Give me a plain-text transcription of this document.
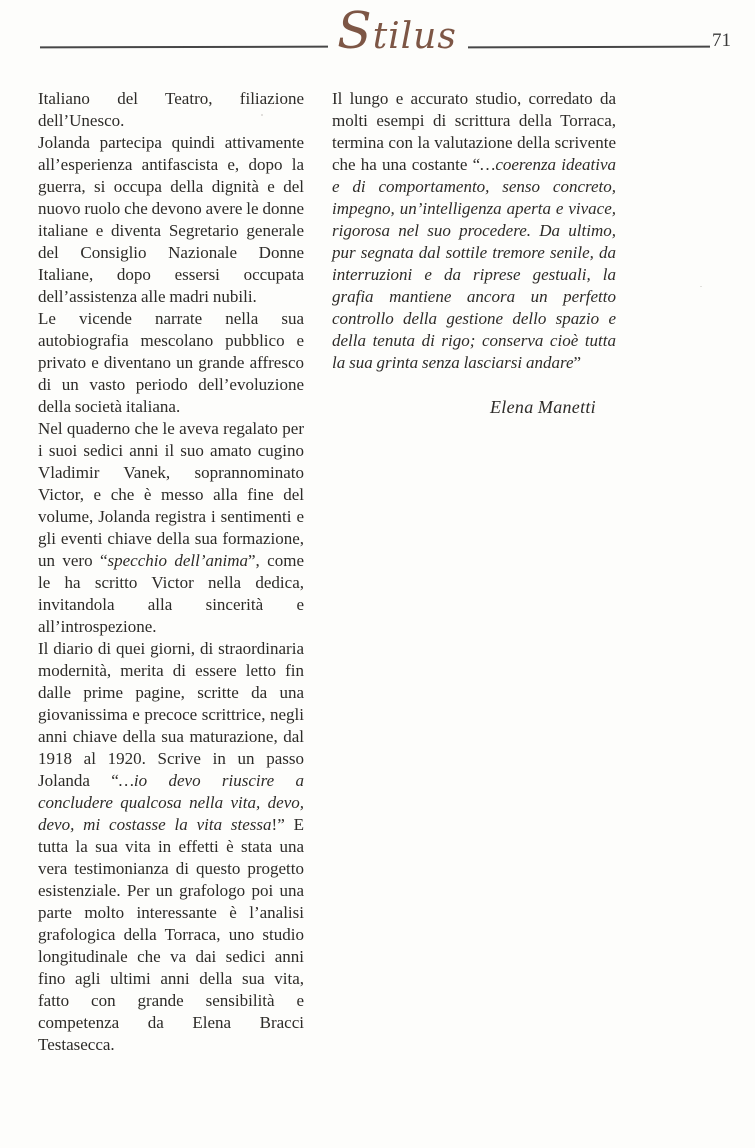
Stilus	71

Italiano del Teatro, filiazione dell’Unesco.

Jolanda partecipa quindi attivamente all’esperienza antifascista e, dopo la guerra, si occupa della dignità e del nuovo ruolo che devono avere le donne italiane e diventa Segretario generale del Consiglio Nazionale Donne Italiane, dopo essersi occupata dell’assistenza alle madri nubili.

Le vicende narrate nella sua autobiografia mescolano pubblico e privato e diventano un grande affresco di un vasto periodo dell’evoluzione della società italiana.

Nel quaderno che le aveva regalato per i suoi sedici anni il suo amato cugino Vladimir Vanek, soprannominato Victor, e che è messo alla fine del volume, Jolanda registra i sentimenti e gli eventi chiave della sua formazione, un vero “specchio dell’anima”, come le ha scritto Victor nella dedica, invitandola alla sincerità e all’introspezione.

Il diario di quei giorni, di straordinaria modernità, merita di essere letto fin dalle prime pagine, scritte da una giovanissima e precoce scrittrice, negli anni chiave della sua maturazione, dal 1918 al 1920. Scrive in un passo Jolanda “…io devo riuscire a concludere qualcosa nella vita, devo, devo, mi costasse la vita stessa!” E tutta la sua vita in effetti è stata una vera testimonianza di questo progetto esistenziale. Per un grafologo poi una parte molto interessante è l’analisi grafologica della Torraca, uno studio longitudinale che va dai sedici anni fino agli ultimi anni della sua vita, fatto con grande sensibilità e competenza da Elena Bracci Testasecca.

Il lungo e accurato studio, corredato da molti esempi di scrittura della Torraca, termina con la valutazione della scrivente che ha una costante “…coerenza ideativa e di comportamento, senso concreto, impegno, un’intelligenza aperta e vivace, rigorosa nel suo procedere. Da ultimo, pur segnata dal sottile tremore senile, da interruzioni e da riprese gestuali, la grafia mantiene ancora un perfetto controllo della gestione dello spazio e della tenuta di rigo; conserva cioè tutta la sua grinta senza lasciarsi andare”

Elena Manetti
